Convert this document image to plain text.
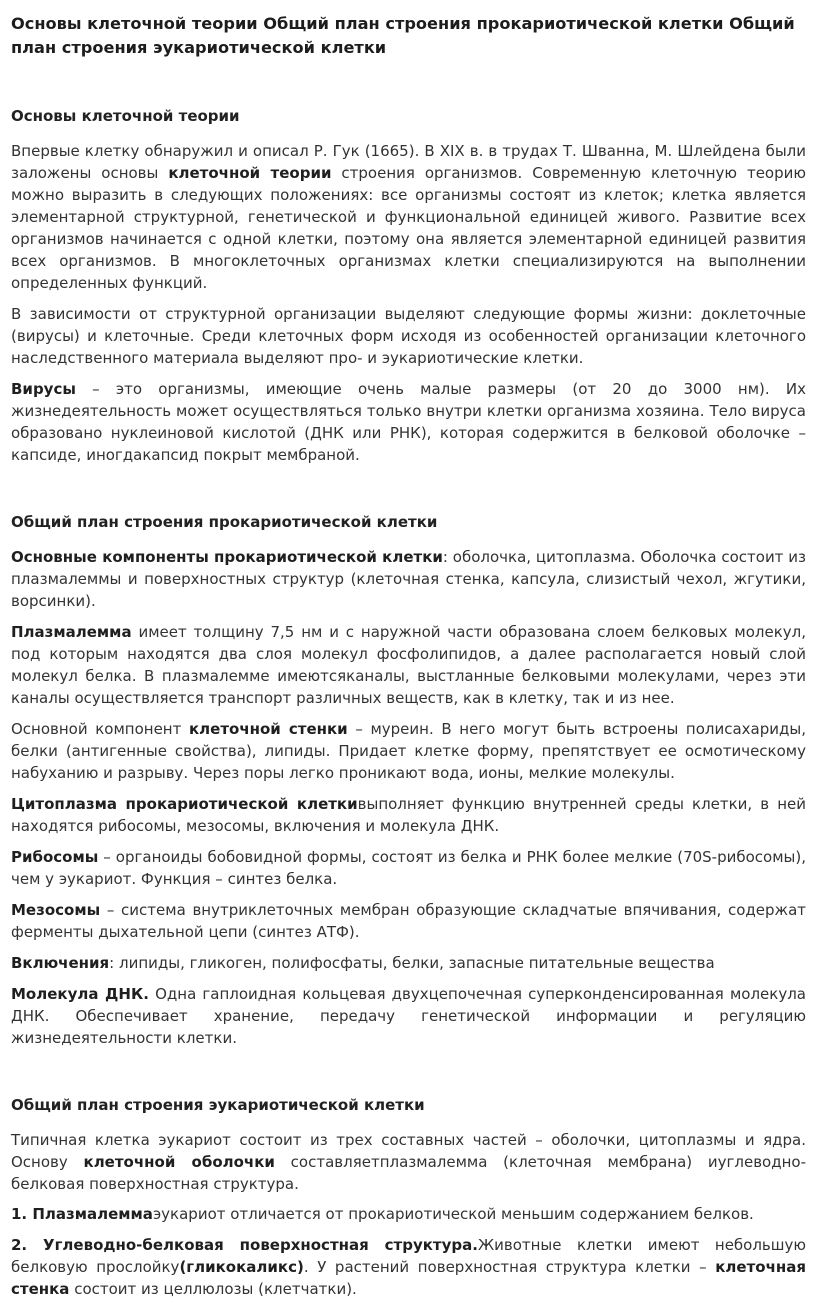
Основы клеточной теории Общий план строения прокариотической клетки Общий план строения эукариотической клетки
Основы клеточной теории

Впервые клетку обнаружил и описал Р. Гук (1665). В XIX в. в трудах Т. Шванна, М. Шлейдена были заложены основы клеточной теории строения организмов. Современную клеточную теорию можно выразить в следующих положениях: все организмы состоят из клеток; клетка является элементарной структурной, генетической и функциональной единицей живого. Развитие всех организмов начинается с одной клетки, поэтому она является элементарной единицей развития всех организмов. В многоклеточных организмах клетки специализируются на выполнении определенных функций.

В зависимости от структурной организации выделяют следующие формы жизни: доклеточные (вирусы) и клеточные. Среди клеточных форм исходя из особенностей организации клеточного наследственного материала выделяют про- и эукариотические клетки.

Вирусы – это организмы, имеющие очень малые размеры (от 20 до 3000 нм). Их жизнедеятельность может осуществляться только внутри клетки организма хозяина. Тело вируса образовано нуклеиновой кислотой (ДНК или РНК), которая содержится в белковой оболочке – капсиде, иногдакапсид покрыт мембраной.

Общий план строения прокариотической клетки

Основные компоненты прокариотической клетки: оболочка, цитоплазма. Оболочка состоит из плазмалеммы и поверхностных структур (клеточная стенка, капсула, слизистый чехол, жгутики, ворсинки).

Плазмалемма имеет толщину 7,5 нм и с наружной части образована слоем белковых молекул, под которым находятся два слоя молекул фосфолипидов, а далее располагается новый слой молекул белка. В плазмалемме имеютсяканалы, выстланные белковыми молекулами, через эти каналы осуществляется транспорт различных веществ, как в клетку, так и из нее.

Основной компонент клеточной стенки – муреин. В него могут быть встроены полисахариды, белки (антигенные свойства), липиды. Придает клетке форму, препятствует ее осмотическому набуханию и разрыву. Через поры легко проникают вода, ионы, мелкие молекулы.

Цитоплазма прокариотической клеткивыполняет функцию внутренней среды клетки, в ней находятся рибосомы, мезосомы, включения и молекула ДНК.

Рибосомы – органоиды бобовидной формы, состоят из белка и РНК более мелкие (70S-рибосомы), чем у эукариот. Функция – синтез белка.

Мезосомы – система внутриклеточных мембран образующие складчатые впячивания, содержат ферменты дыхательной цепи (синтез АТФ).

Включения: липиды, гликоген, полифосфаты, белки, запасные питательные вещества

Молекула ДНК. Одна гаплоидная кольцевая двухцепочечная суперконденсированная молекула ДНК. Обеспечивает хранение, передачу генетической информации и регуляцию жизнедеятельности клетки.

Общий план строения эукариотической клетки

Типичная клетка эукариот состоит из трех составных частей – оболочки, цитоплазмы и ядра. Основу клеточной оболочки составляетплазмалемма (клеточная мембрана) иуглеводно-белковая поверхностная структура.

1. Плазмалеммаэукариот отличается от прокариотической меньшим содержанием белков.
2. Углеводно-белковая поверхностная структура.Животные клетки имеют небольшую белковую прослойку(гликокаликс). У растений поверхностная структура клетки – клеточная стенка состоит из целлюлозы (клетчатки).
